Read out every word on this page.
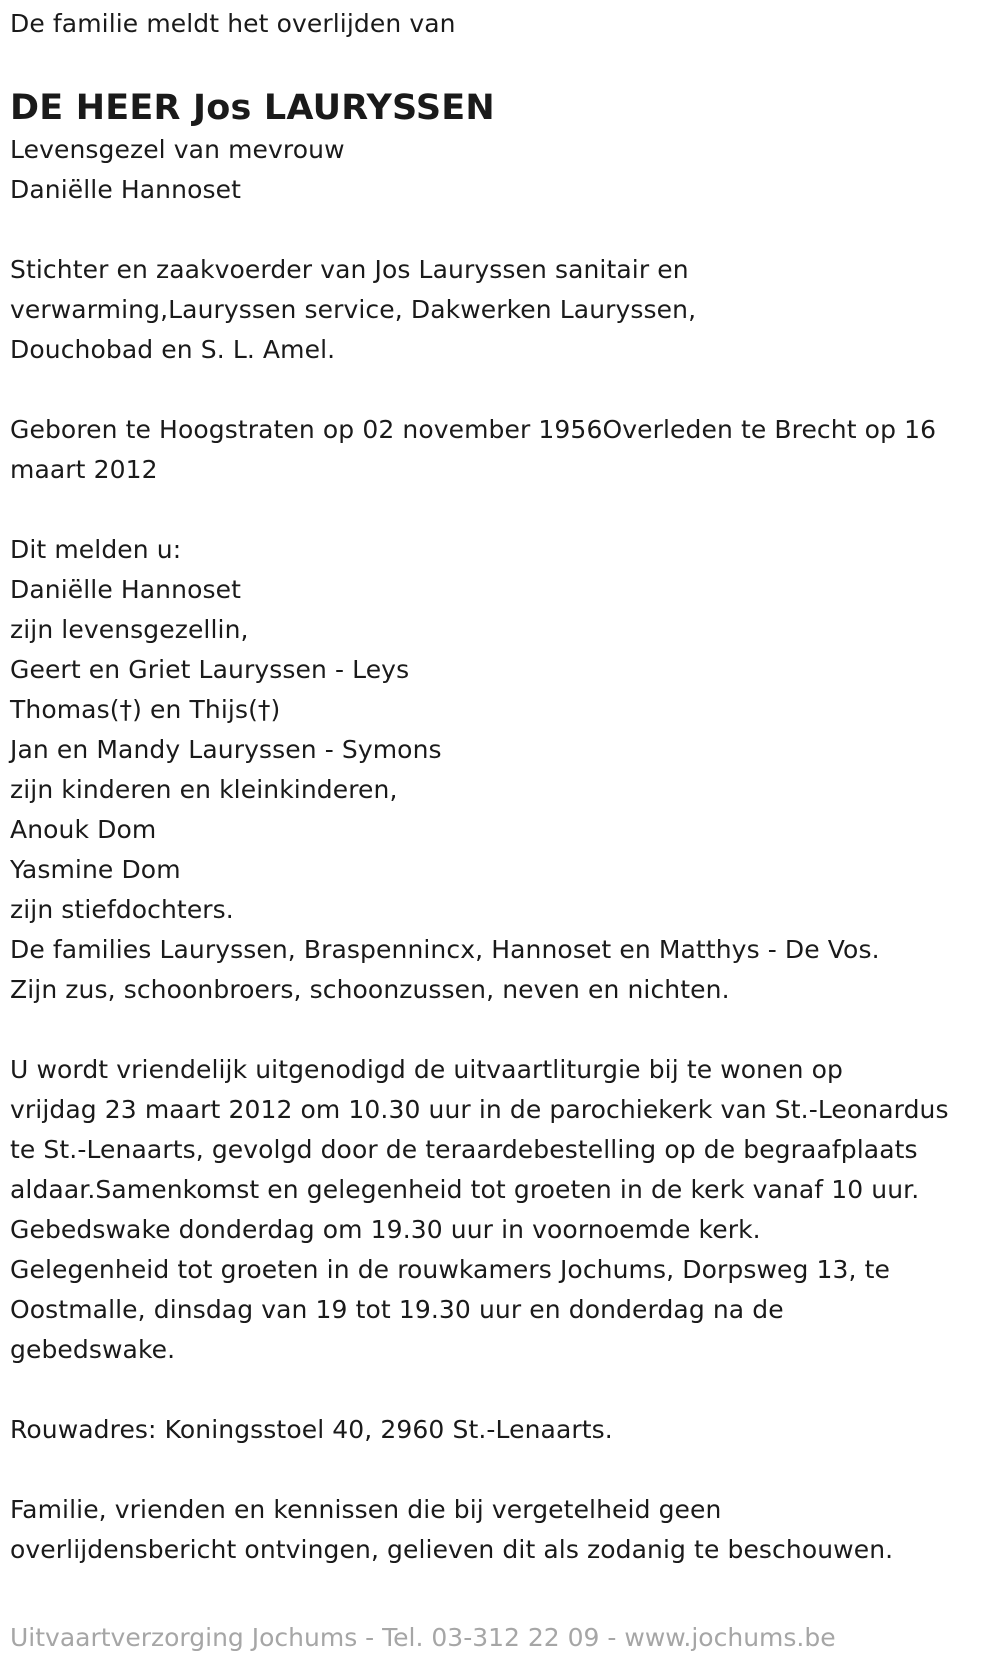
De familie meldt het overlijden van
DE HEER Jos LAURYSSEN
Levensgezel van mevrouw
Daniëlle Hannoset
Stichter en zaakvoerder van Jos Lauryssen sanitair en
verwarming,Lauryssen service, Dakwerken Lauryssen,
Douchobad en S. L. Amel.
Geboren te Hoogstraten op 02 november 1956Overleden te Brecht op 16
maart 2012
Dit melden u:
Daniëlle Hannoset
zijn levensgezellin,
Geert en Griet Lauryssen - Leys
Thomas(†) en Thijs(†)
Jan en Mandy Lauryssen - Symons
zijn kinderen en kleinkinderen,
Anouk Dom
Yasmine Dom
zijn stiefdochters.
De families Lauryssen, Braspennincx, Hannoset en Matthys - De Vos.
Zijn zus, schoonbroers, schoonzussen, neven en nichten.
U wordt vriendelijk uitgenodigd de uitvaartliturgie bij te wonen op
vrijdag 23 maart 2012 om 10.30 uur in de parochiekerk van St.-Leonardus
te St.-Lenaarts, gevolgd door de teraardebestelling op de begraafplaats
aldaar.Samenkomst en gelegenheid tot groeten in de kerk vanaf 10 uur.
Gebedswake donderdag om 19.30 uur in voornoemde kerk.
Gelegenheid tot groeten in de rouwkamers Jochums, Dorpsweg 13, te
Oostmalle, dinsdag van 19 tot 19.30 uur en donderdag na de
gebedswake.
Rouwadres: Koningsstoel 40, 2960 St.-Lenaarts.
Familie, vrienden en kennissen die bij vergetelheid geen
overlijdensbericht ontvingen, gelieven dit als zodanig te beschouwen.
Uitvaartverzorging Jochums - Tel. 03-312 22 09 - www.jochums.be
